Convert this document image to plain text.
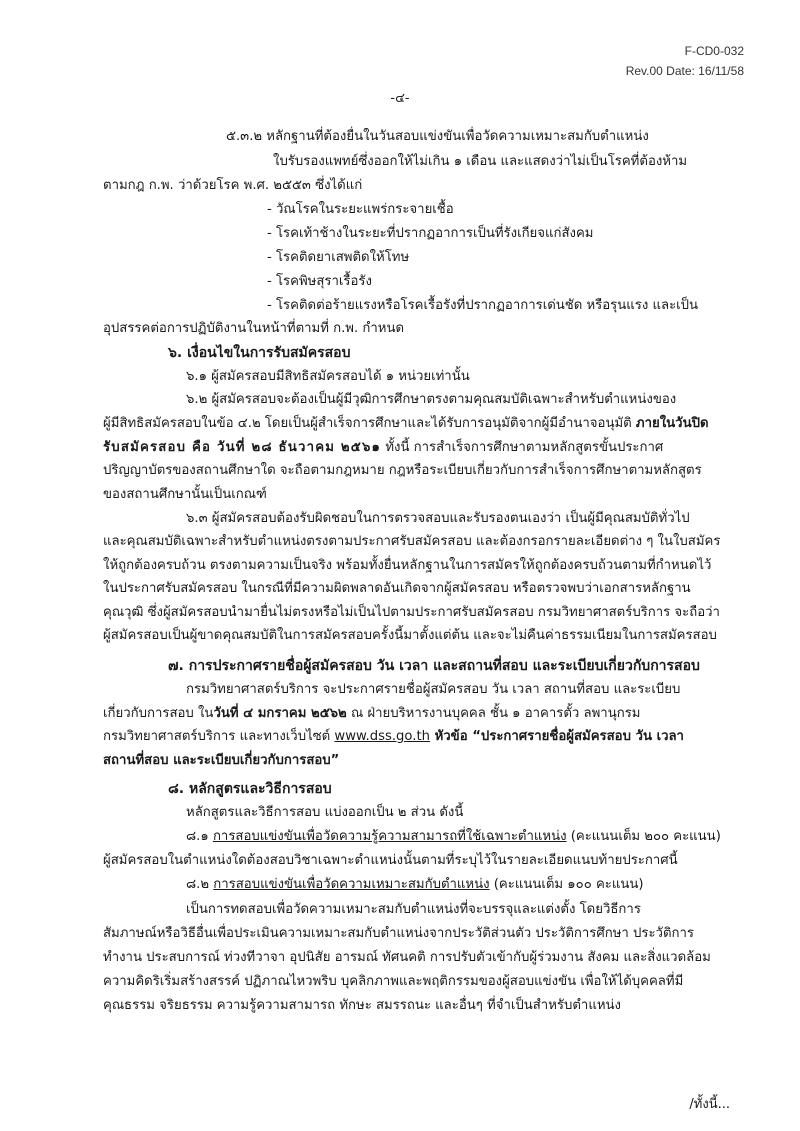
F-CD0-032
Rev.00 Date: 16/11/58
-๔-
๕.๓.๒ หลักฐานที่ต้องยื่นในวันสอบแข่งขันเพื่อวัดความเหมาะสมกับตำแหน่ง
ใบรับรองแพทย์ซึ่งออกให้ไม่เกิน ๑ เดือน และแสดงว่าไม่เป็นโรคที่ต้องห้าม
ตามกฎ ก.พ. ว่าด้วยโรค พ.ศ. ๒๕๕๓ ซึ่งได้แก่
- วัณโรคในระยะแพร่กระจายเชื้อ
- โรคเท้าช้างในระยะที่ปรากฏอาการเป็นที่รังเกียจแก่สังคม
- โรคติดยาเสพติดให้โทษ
- โรคพิษสุราเรื้อรัง
- โรคติดต่อร้ายแรงหรือโรคเรื้อรังที่ปรากฏอาการเด่นชัด หรือรุนแรง และเป็น
อุปสรรคต่อการปฏิบัติงานในหน้าที่ตามที่ ก.พ. กำหนด
๖. เงื่อนไขในการรับสมัครสอบ
๖.๑ ผู้สมัครสอบมีสิทธิสมัครสอบได้ ๑ หน่วยเท่านั้น
๖.๒ ผู้สมัครสอบจะต้องเป็นผู้มีวุฒิการศึกษาตรงตามคุณสมบัติเฉพาะสำหรับตำแหน่งของ
ผู้มีสิทธิสมัครสอบในข้อ ๔.๒ โดยเป็นผู้สำเร็จการศึกษาและได้รับการอนุมัติจากผู้มีอำนาจอนุมัติ ภายในวันปิด
รับสมัครสอบ คือ วันที่ ๒๘ ธันวาคม ๒๕๖๑ ทั้งนี้ การสำเร็จการศึกษาตามหลักสูตรขั้นประกาศ
ปริญญาบัตรของสถานศึกษาใด จะถือตามกฎหมาย กฎหรือระเบียบเกี่ยวกับการสำเร็จการศึกษาตามหลักสูตร
ของสถานศึกษานั้นเป็นเกณฑ์
๖.๓ ผู้สมัครสอบต้องรับผิดชอบในการตรวจสอบและรับรองตนเองว่า เป็นผู้มีคุณสมบัติทั่วไป
และคุณสมบัติเฉพาะสำหรับตำแหน่งตรงตามประกาศรับสมัครสอบ และต้องกรอกรายละเอียดต่าง ๆ ในใบสมัคร
ให้ถูกต้องครบถ้วน ตรงตามความเป็นจริง พร้อมทั้งยื่นหลักฐานในการสมัครให้ถูกต้องครบถ้วนตามที่กำหนดไว้
ในประกาศรับสมัครสอบ ในกรณีที่มีความผิดพลาดอันเกิดจากผู้สมัครสอบ หรือตรวจพบว่าเอกสารหลักฐาน
คุณวุฒิ ซึ่งผู้สมัครสอบนำมายื่นไม่ตรงหรือไม่เป็นไปตามประกาศรับสมัครสอบ กรมวิทยาศาสตร์บริการ จะถือว่า
ผู้สมัครสอบเป็นผู้ขาดคุณสมบัติในการสมัครสอบครั้งนี้มาตั้งแต่ต้น และจะไม่คืนค่าธรรมเนียมในการสมัครสอบ
๗. การประกาศรายชื่อผู้สมัครสอบ วัน เวลา และสถานที่สอบ และระเบียบเกี่ยวกับการสอบ
กรมวิทยาศาสตร์บริการ จะประกาศรายชื่อผู้สมัครสอบ วัน เวลา สถานที่สอบ และระเบียบ
เกี่ยวกับการสอบ ในวันที่ ๔ มกราคม ๒๕๖๒ ณ ฝ่ายบริหารงานบุคคล ชั้น ๑ อาคารตั้ว ลพานุกรม
กรมวิทยาศาสตร์บริการ และทางเว็บไซต์ www.dss.go.th หัวข้อ “ประกาศรายชื่อผู้สมัครสอบ วัน เวลา
สถานที่สอบ และระเบียบเกี่ยวกับการสอบ”
๘. หลักสูตรและวิธีการสอบ
หลักสูตรและวิธีการสอบ แบ่งออกเป็น ๒ ส่วน ดังนี้
๘.๑ การสอบแข่งขันเพื่อวัดความรู้ความสามารถที่ใช้เฉพาะตำแหน่ง (คะแนนเต็ม ๒๐๐ คะแนน)
ผู้สมัครสอบในตำแหน่งใดต้องสอบวิชาเฉพาะตำแหน่งนั้นตามที่ระบุไว้ในรายละเอียดแนบท้ายประกาศนี้
๘.๒ การสอบแข่งขันเพื่อวัดความเหมาะสมกับตำแหน่ง (คะแนนเต็ม ๑๐๐ คะแนน)
เป็นการทดสอบเพื่อวัดความเหมาะสมกับตำแหน่งที่จะบรรจุและแต่งตั้ง โดยวิธีการ
สัมภาษณ์หรือวิธีอื่นเพื่อประเมินความเหมาะสมกับตำแหน่งจากประวัติส่วนตัว ประวัติการศึกษา ประวัติการ
ทำงาน ประสบการณ์ ท่วงทีวาจา อุปนิสัย อารมณ์ ทัศนคติ การปรับตัวเข้ากับผู้ร่วมงาน สังคม และสิ่งแวดล้อม
ความคิดริเริ่มสร้างสรรค์ ปฏิภาณไหวพริบ บุคลิกภาพและพฤติกรรมของผู้สอบแข่งขัน เพื่อให้ได้บุคคลที่มี
คุณธรรม จริยธรรม ความรู้ความสามารถ ทักษะ สมรรถนะ และอื่นๆ ที่จำเป็นสำหรับตำแหน่ง
/ทั้งนี้...
